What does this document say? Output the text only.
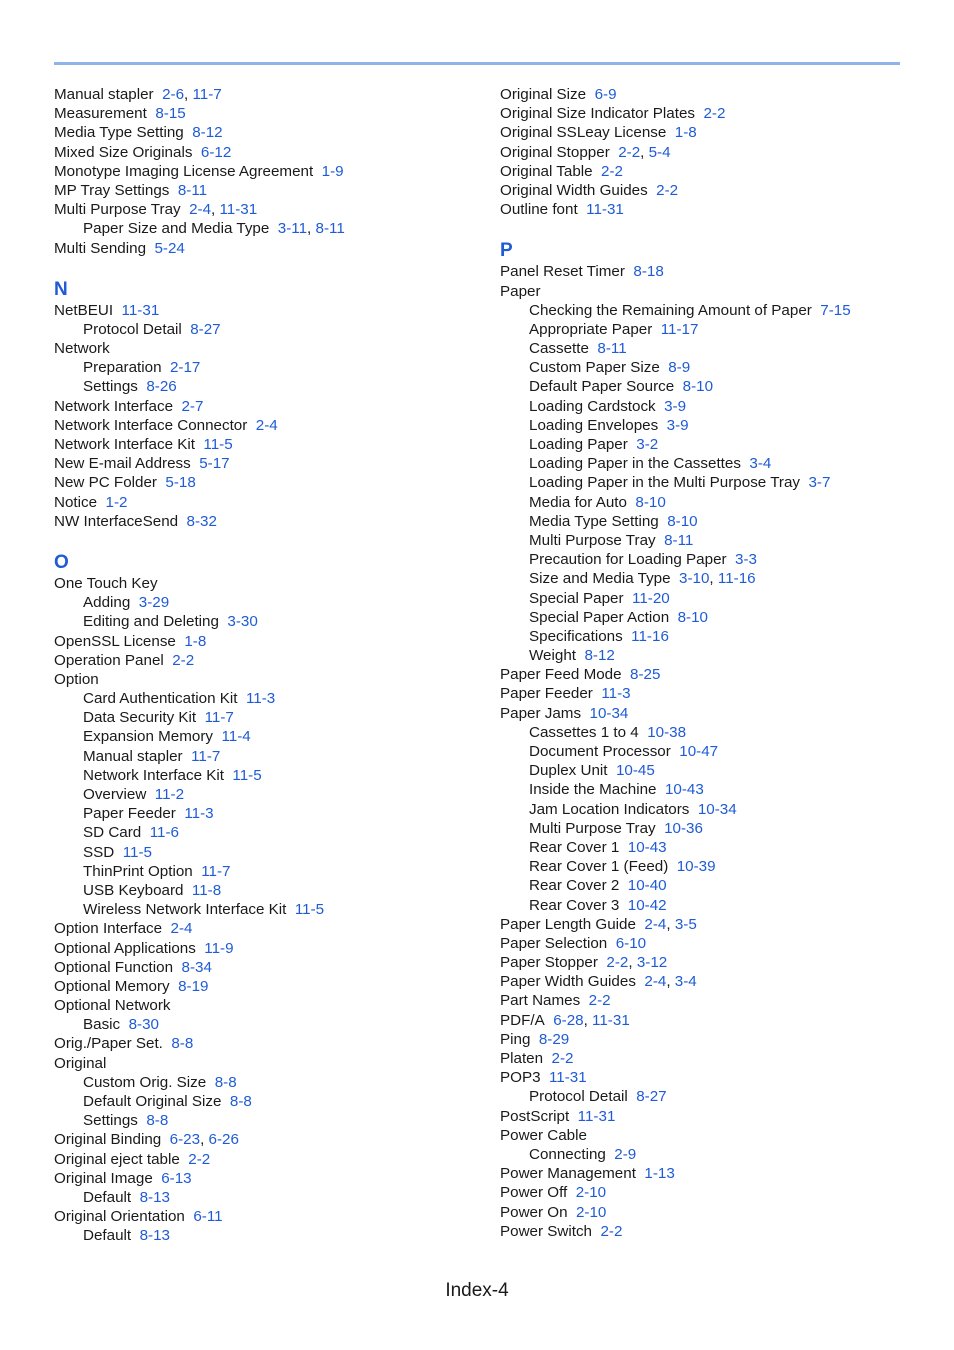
Manual stapler 2-6, 11-7
Measurement 8-15
Media Type Setting 8-12
Mixed Size Originals 6-12
Monotype Imaging License Agreement 1-9
MP Tray Settings 8-11
Multi Purpose Tray 2-4, 11-31
Paper Size and Media Type 3-11, 8-11
Multi Sending 5-24
N
NetBEUI 11-31
Protocol Detail 8-27
Network
Preparation 2-17
Settings 8-26
Network Interface 2-7
Network Interface Connector 2-4
Network Interface Kit 11-5
New E-mail Address 5-17
New PC Folder 5-18
Notice 1-2
NW InterfaceSend 8-32
O
One Touch Key
Adding 3-29
Editing and Deleting 3-30
OpenSSL License 1-8
Operation Panel 2-2
Option
Card Authentication Kit 11-3
Data Security Kit 11-7
Expansion Memory 11-4
Manual stapler 11-7
Network Interface Kit 11-5
Overview 11-2
Paper Feeder 11-3
SD Card 11-6
SSD 11-5
ThinPrint Option 11-7
USB Keyboard 11-8
Wireless Network Interface Kit 11-5
Option Interface 2-4
Optional Applications 11-9
Optional Function 8-34
Optional Memory 8-19
Optional Network
Basic 8-30
Orig./Paper Set. 8-8
Original
Custom Orig. Size 8-8
Default Original Size 8-8
Settings 8-8
Original Binding 6-23, 6-26
Original eject table 2-2
Original Image 6-13
Default 8-13
Original Orientation 6-11
Default 8-13
Original Size 6-9
Original Size Indicator Plates 2-2
Original SSLeay License 1-8
Original Stopper 2-2, 5-4
Original Table 2-2
Original Width Guides 2-2
Outline font 11-31
P
Panel Reset Timer 8-18
Paper
Checking the Remaining Amount of Paper 7-15
Appropriate Paper 11-17
Cassette 8-11
Custom Paper Size 8-9
Default Paper Source 8-10
Loading Cardstock 3-9
Loading Envelopes 3-9
Loading Paper 3-2
Loading Paper in the Cassettes 3-4
Loading Paper in the Multi Purpose Tray 3-7
Media for Auto 8-10
Media Type Setting 8-10
Multi Purpose Tray 8-11
Precaution for Loading Paper 3-3
Size and Media Type 3-10, 11-16
Special Paper 11-20
Special Paper Action 8-10
Specifications 11-16
Weight 8-12
Paper Feed Mode 8-25
Paper Feeder 11-3
Paper Jams 10-34
Cassettes 1 to 4 10-38
Document Processor 10-47
Duplex Unit 10-45
Inside the Machine 10-43
Jam Location Indicators 10-34
Multi Purpose Tray 10-36
Rear Cover 1 10-43
Rear Cover 1 (Feed) 10-39
Rear Cover 2 10-40
Rear Cover 3 10-42
Paper Length Guide 2-4, 3-5
Paper Selection 6-10
Paper Stopper 2-2, 3-12
Paper Width Guides 2-4, 3-4
Part Names 2-2
PDF/A 6-28, 11-31
Ping 8-29
Platen 2-2
POP3 11-31
Protocol Detail 8-27
PostScript 11-31
Power Cable
Connecting 2-9
Power Management 1-13
Power Off 2-10
Power On 2-10
Power Switch 2-2
Index-4
